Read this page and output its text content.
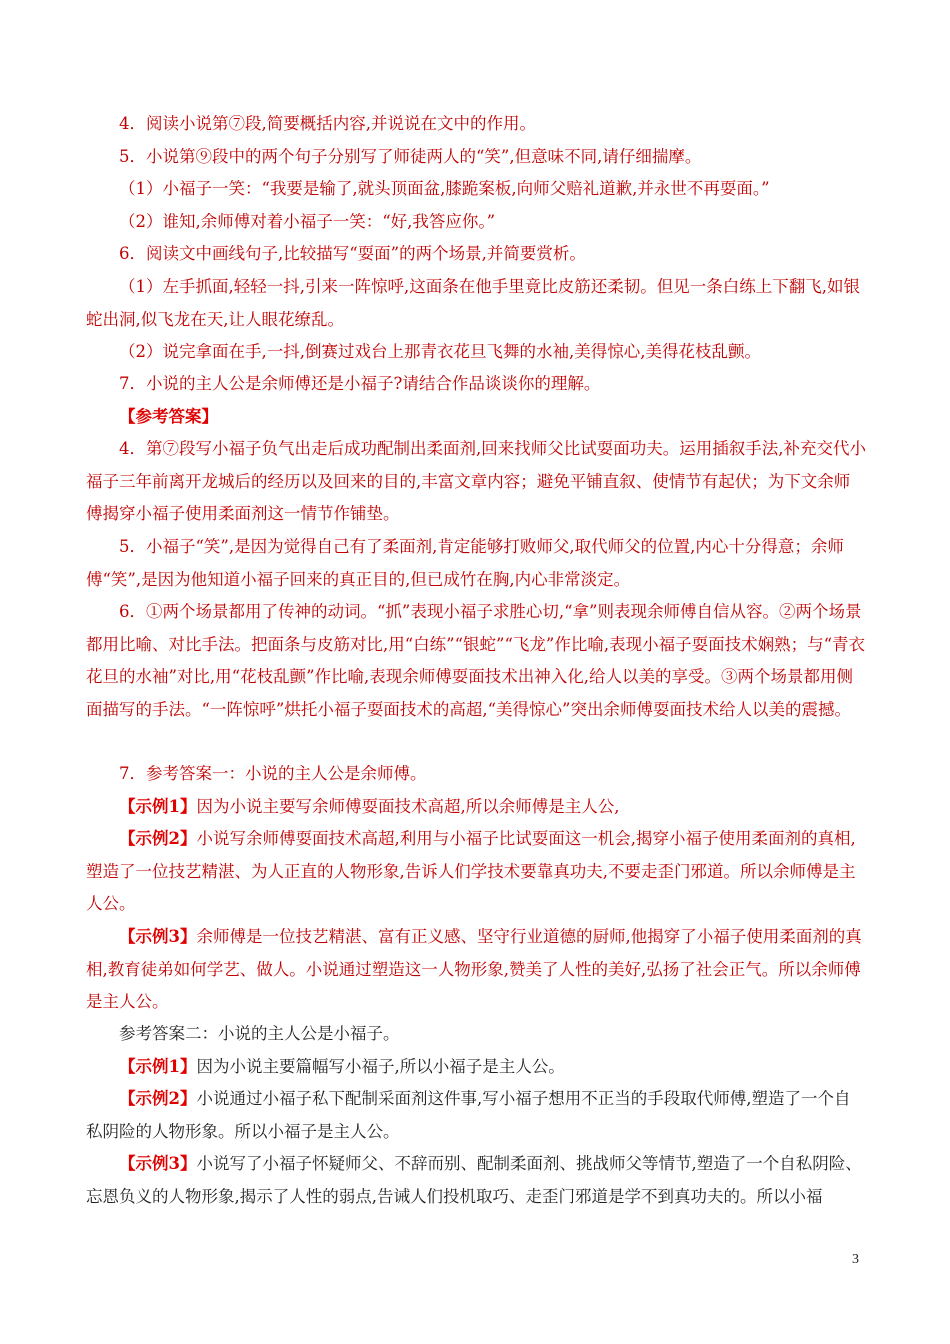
4．阅读小说第⑦段,简要概括内容,并说说在文中的作用。

5．小说第⑨段中的两个句子分别写了师徒两人的“笑”,但意味不同,请仔细揣摩。

（1）小福子一笑：“我要是输了,就头顶面盆,膝跪案板,向师父赔礼道歉,并永世不再耍面。”

（2）谁知,余师傅对着小福子一笑：“好,我答应你。”

6．阅读文中画线句子,比较描写“耍面”的两个场景,并简要赏析。

（1）左手抓面,轻轻一抖,引来一阵惊呼,这面条在他手里竟比皮筋还柔韧。但见一条白练上下翻飞,如银蛇出洞,似飞龙在天,让人眼花缭乱。

（2）说完拿面在手,一抖,倒赛过戏台上那青衣花旦飞舞的水袖,美得惊心,美得花枝乱颤。

7．小说的主人公是余师傅还是小福子?请结合作品谈谈你的理解。

【参考答案】

4．第⑦段写小福子负气出走后成功配制出柔面剂,回来找师父比试耍面功夫。运用插叙手法,补充交代小福子三年前离开龙城后的经历以及回来的目的,丰富文章内容；避免平铺直叙、使情节有起伏；为下文余师傅揭穿小福子使用柔面剂这一情节作铺垫。

5．小福子“笑”,是因为觉得自己有了柔面剂,肯定能够打败师父,取代师父的位置,内心十分得意；余师傅“笑”,是因为他知道小福子回来的真正目的,但已成竹在胸,内心非常淡定。

6．①两个场景都用了传神的动词。“抓”表现小福子求胜心切,“拿”则表现余师傅自信从容。②两个场景都用比喻、对比手法。把面条与皮筋对比,用“白练”“银蛇”“飞龙”作比喻,表现小福子耍面技术娴熟；与“青衣花旦的水袖”对比,用“花枝乱颤”作比喻,表现余师傅耍面技术出神入化,给人以美的享受。③两个场景都用侧面描写的手法。“一阵惊呼”烘托小福子耍面技术的高超,“美得惊心”突出余师傅耍面技术给人以美的震撼。

7．参考答案一：小说的主人公是余师傅。

【示例1】因为小说主要写余师傅耍面技术高超,所以余师傅是主人公,

【示例2】小说写余师傅耍面技术高超,利用与小福子比试耍面这一机会,揭穿小福子使用柔面剂的真相,塑造了一位技艺精湛、为人正直的人物形象,告诉人们学技术要靠真功夫,不要走歪门邪道。所以余师傅是主人公。

【示例3】余师傅是一位技艺精湛、富有正义感、坚守行业道德的厨师,他揭穿了小福子使用柔面剂的真相,教育徒弟如何学艺、做人。小说通过塑造这一人物形象,赞美了人性的美好,弘扬了社会正气。所以余师傅是主人公。

参考答案二：小说的主人公是小福子。

【示例1】因为小说主要篇幅写小福子,所以小福子是主人公。

【示例2】小说通过小福子私下配制采面剂这件事,写小福子想用不正当的手段取代师傅,塑造了一个自私阴险的人物形象。所以小福子是主人公。

【示例3】小说写了小福子怀疑师父、不辞而别、配制柔面剂、挑战师父等情节,塑造了一个自私阴险、忘恩负义的人物形象,揭示了人性的弱点,告诫人们投机取巧、走歪门邪道是学不到真功夫的。所以小福

3
